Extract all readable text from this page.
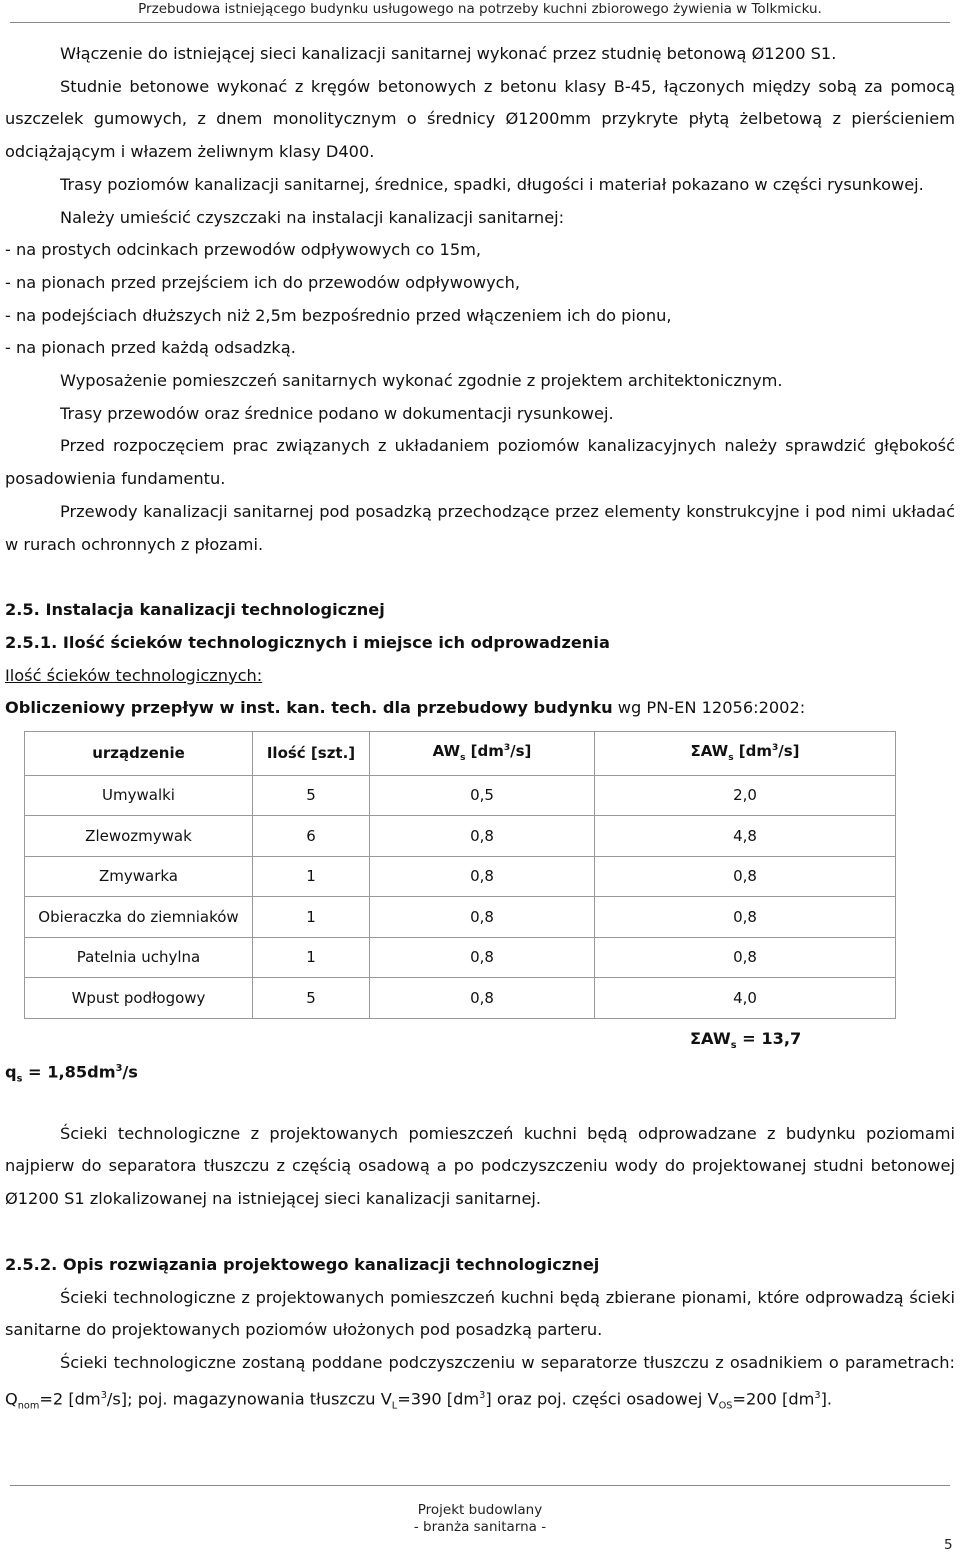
Przebudowa istniejącego budynku usługowego na potrzeby kuchni zbiorowego żywienia w Tolkmicku.

Włączenie do istniejącej sieci kanalizacji sanitarnej wykonać przez studnię betonową Ø1200 S1.

Studnie betonowe wykonać z kręgów betonowych z betonu klasy B-45, łączonych między sobą za pomocą uszczelek gumowych, z dnem monolitycznym o średnicy Ø1200mm przykryte płytą żelbetową z pierścieniem odciążającym i włazem żeliwnym klasy D400.

Trasy poziomów kanalizacji sanitarnej, średnice, spadki, długości i materiał pokazano w części rysunkowej.

Należy umieścić czyszczaki na instalacji kanalizacji sanitarnej:

- na prostych odcinkach przewodów odpływowych co 15m,

- na pionach przed przejściem ich do przewodów odpływowych,

- na podejściach dłuższych niż 2,5m bezpośrednio przed włączeniem ich do pionu,

- na pionach przed każdą odsadzką.

Wyposażenie pomieszczeń sanitarnych wykonać zgodnie z projektem architektonicznym.

Trasy przewodów oraz średnice podano w dokumentacji rysunkowej.

Przed rozpoczęciem prac związanych z układaniem poziomów kanalizacyjnych należy sprawdzić głębokość posadowienia fundamentu.

Przewody kanalizacji sanitarnej pod posadzką przechodzące przez elementy konstrukcyjne i pod nimi układać w rurach ochronnych z płozami.

2.5. Instalacja kanalizacji technologicznej

2.5.1. Ilość ścieków technologicznych i miejsce ich odprowadzenia

Ilość ścieków technologicznych:

Obliczeniowy przepływ w inst. kan. tech. dla przebudowy budynku wg PN-EN 12056:2002:

urządzenie	Ilość [szt.]	$AW_s$ $[dm^3/s]$	$\Sigma AW_s$ $[dm^3/s]$
Umywalki	5	0,5	2,0
Zlewozmywak	6	0,8	4,8
Zmywarka	1	0,8	0,8
Obieraczka do ziemniaków	1	0,8	0,8
Patelnia uchylna	1	0,8	0,8
Wpust podłogowy	5	0,8	4,0
$\Sigma AW_s = 13,7$
$q_s = 1,85dm^3/s$

Ścieki technologiczne z projektowanych pomieszczeń kuchni będą odprowadzane z budynku poziomami najpierw do separatora tłuszczu z częścią osadową a po podczyszczeniu wody do projektowanej studni betonowej Ø1200 S1 zlokalizowanej na istniejącej sieci kanalizacji sanitarnej.

2.5.2. Opis rozwiązania projektowego kanalizacji technologicznej

Ścieki technologiczne z projektowanych pomieszczeń kuchni będą zbierane pionami, które odprowadzą ścieki sanitarne do projektowanych poziomów ułożonych pod posadzką parteru.

Ścieki technologiczne zostaną poddane podczyszczeniu w separatorze tłuszczu z osadnikiem o parametrach: $Q_{nom}=2$ $[dm^3/s]$; poj. magazynowania tłuszczu $V_L=390$ $[dm^3]$ oraz poj. części osadowej $V_{OS}=200$ $[dm^3]$.

Projekt budowlany
- branża sanitarna -
5
